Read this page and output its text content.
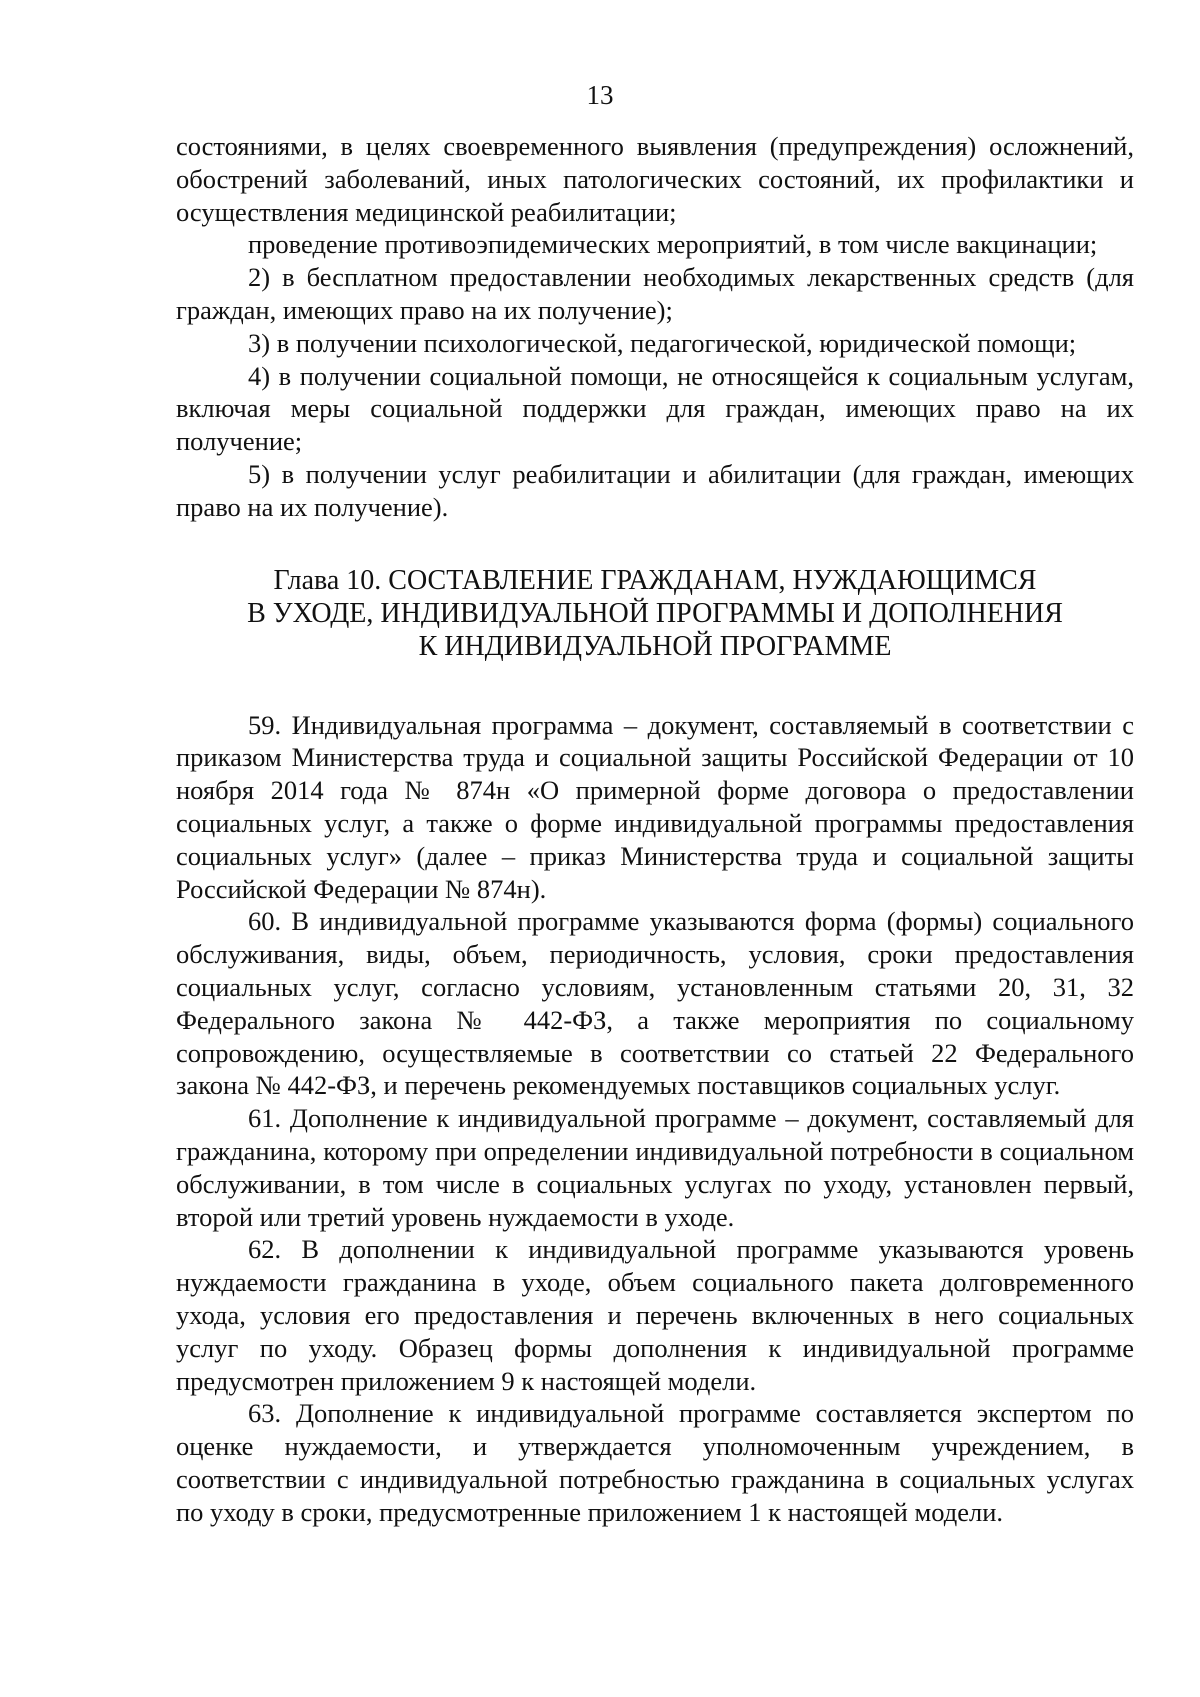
13

состояниями, в целях своевременного выявления (предупреждения) осложнений, обострений заболеваний, иных патологических состояний, их профилактики и осуществления медицинской реабилитации;

проведение противоэпидемических мероприятий, в том числе вакцинации;

2) в бесплатном предоставлении необходимых лекарственных средств (для граждан, имеющих право на их получение);

3) в получении психологической, педагогической, юридической помощи;

4) в получении социальной помощи, не относящейся к социальным услугам, включая меры социальной поддержки для граждан, имеющих право на их получение;

5) в получении услуг реабилитации и абилитации (для граждан, имеющих право на их получение).

Глава 10. СОСТАВЛЕНИЕ ГРАЖДАНАМ, НУЖДАЮЩИМСЯ
В УХОДЕ, ИНДИВИДУАЛЬНОЙ ПРОГРАММЫ И ДОПОЛНЕНИЯ
К ИНДИВИДУАЛЬНОЙ ПРОГРАММЕ

59. Индивидуальная программа – документ, составляемый в соответствии с приказом Министерства труда и социальной защиты Российской Федерации от 10 ноября 2014 года № 874н «О примерной форме договора о предоставлении социальных услуг, а также о форме индивидуальной программы предоставления социальных услуг» (далее – приказ Министерства труда и социальной защиты Российской Федерации № 874н).

60. В индивидуальной программе указываются форма (формы) социального обслуживания, виды, объем, периодичность, условия, сроки предоставления социальных услуг, согласно условиям, установленным статьями 20, 31, 32 Федерального закона № 442-ФЗ, а также мероприятия по социальному сопровождению, осуществляемые в соответствии со статьей 22 Федерального закона № 442-ФЗ, и перечень рекомендуемых поставщиков социальных услуг.

61. Дополнение к индивидуальной программе – документ, составляемый для гражданина, которому при определении индивидуальной потребности в социальном обслуживании, в том числе в социальных услугах по уходу, установлен первый, второй или третий уровень нуждаемости в уходе.

62. В дополнении к индивидуальной программе указываются уровень нуждаемости гражданина в уходе, объем социального пакета долговременного ухода, условия его предоставления и перечень включенных в него социальных услуг по уходу. Образец формы дополнения к индивидуальной программе предусмотрен приложением 9 к настоящей модели.

63. Дополнение к индивидуальной программе составляется экспертом по оценке нуждаемости, и утверждается уполномоченным учреждением, в соответствии с индивидуальной потребностью гражданина в социальных услугах по уходу в сроки, предусмотренные приложением 1 к настоящей модели.
